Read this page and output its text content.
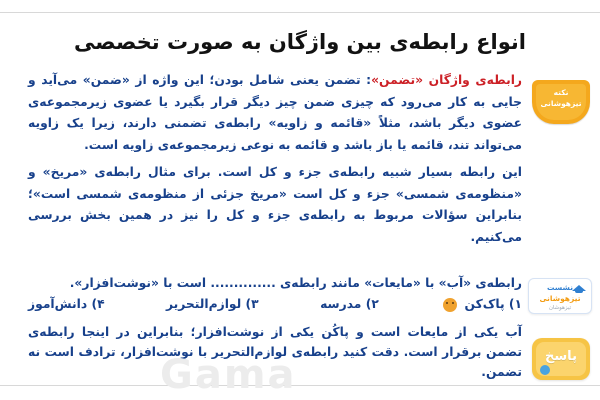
انواع رابطه‌ی بین واژگان به صورت تخصصی

رابطه‌ی واژگان «تضمن»: تضمن یعنی شامل بودن؛ این واژه از «ضمن» می‌آید و جایی به کار می‌رود که چیزی ضمن چیز دیگر قرار بگیرد یا عضوی زیرمجموعه‌ی عضوی دیگر باشد، مثلاً «قائمه و زاویه» رابطه‌ی تضمنی دارند، زیرا یک زاویه می‌تواند تند، قائمه یا باز باشد و قائمه به نوعی زیرمجموعه‌ی زاویه است.

این رابطه بسیار شبیه رابطه‌ی جزء و کل است. برای مثال رابطه‌ی «مریخ» و «منظومه‌ی شمسی» جزء و کل است «مریخ جزئی از منظومه‌ی شمسی است»؛ بنابراین سؤالات مربوط به رابطه‌ی جزء و کل را نیز در همین بخش بررسی می‌کنیم.

رابطه‌ی «آب» با «مایعات» مانند رابطه‌ی .............. است با «نوشت‌افزار».
۱) پاک‌کن
۲) مدرسه
۳) لوازم‌التحریر
۴) دانش‌آموز
آب یکی از مایعات است و پاکُن یکی از نوشت‌افزار؛ بنابراین در اینجا رابطه‌ی تضمن برقرار است. دقت کنید رابطه‌ی لوازم‌التحریر با نوشت‌افزار، ترادف است نه تضمن.
نکته
تیزهوشانی
نشست
تیزهوشانی
تیزهوشان
پاسخ
Gama
